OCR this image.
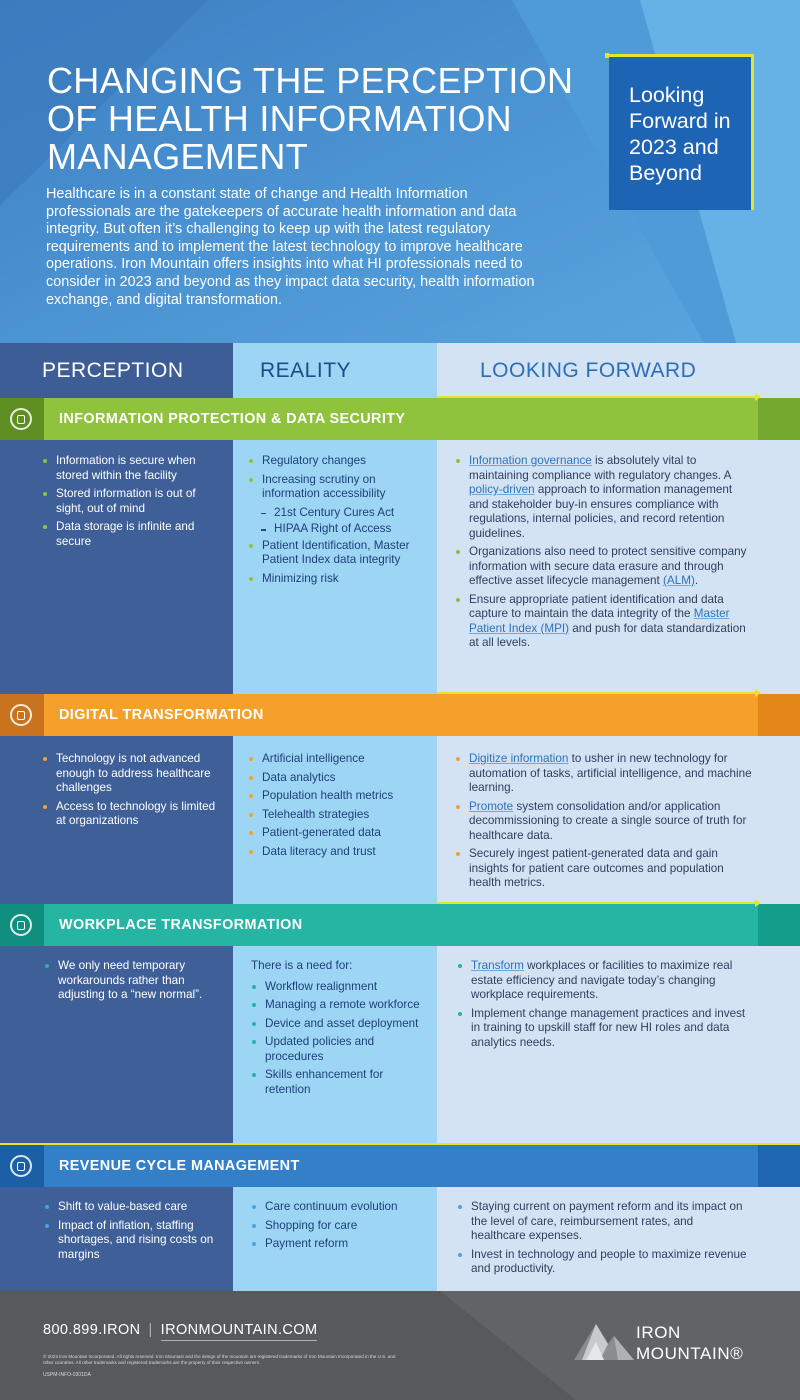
CHANGING THE PERCEPTION OF HEALTH INFORMATION MANAGEMENT

Healthcare is in a constant state of change and Health Information professionals are the gatekeepers of accurate health information and data integrity. But often it’s challenging to keep up with the latest regulatory requirements and to implement the latest technology to improve healthcare operations. Iron Mountain offers insights into what HI professionals need to consider in 2023 and beyond as they impact data security, health information exchange, and digital transformation.

Looking Forward in 2023 and Beyond
PERCEPTION	REALITY	LOOKING FORWARD
INFORMATION PROTECTION & DATA SECURITY
Information is secure when stored within the facility
Stored information is out of sight, out of mind
Data storage is infinite and secure
Regulatory changes
Increasing scrutiny on information accessibility
21st Century Cures Act
HIPAA Right of Access
Patient Identification, Master Patient Index data integrity
Minimizing risk
Information governance is absolutely vital to maintaining compliance with regulatory changes. A policy-driven approach to information management and stakeholder buy-in ensures compliance with regulations, internal policies, and record retention guidelines.
Organizations also need to protect sensitive company information with secure data erasure and through effective asset lifecycle management (ALM).
Ensure appropriate patient identification and data capture to maintain the data integrity of the Master Patient Index (MPI) and push for data standardization at all levels.
DIGITAL TRANSFORMATION
Technology is not advanced enough to address healthcare challenges
Access to technology is limited at organizations
Artificial intelligence
Data analytics
Population health metrics
Telehealth strategies
Patient-generated data
Data literacy and trust
Digitize information to usher in new technology for automation of tasks, artificial intelligence, and machine learning.
Promote system consolidation and/or application decommissioning to create a single source of truth for healthcare data.
Securely ingest patient-generated data and gain insights for patient care outcomes and population health metrics.
WORKPLACE TRANSFORMATION
We only need temporary workarounds rather than adjusting to a “new normal”.
There is a need for:
Workflow realignment
Managing a remote workforce
Device and asset deployment
Updated policies and procedures
Skills enhancement for retention
Transform workplaces or facilities to maximize real estate efficiency and navigate today’s changing workplace requirements.
Implement change management practices and invest in training to upskill staff for new HI roles and data analytics needs.
REVENUE CYCLE MANAGEMENT
Shift to value-based care
Impact of inflation, staffing shortages, and rising costs on margins
Care continuum evolution
Shopping for care
Payment reform
Staying current on payment reform and its impact on the level of care, reimbursement rates, and healthcare expenses.
Invest in technology and people to maximize revenue and productivity.
800.899.IRON | IRONMOUNTAIN.COM
© 2023 Iron Mountain Incorporated. All rights reserved. Iron Mountain and the design of the mountain are registered trademarks of Iron Mountain Incorporated in the U.S. and other countries. All other trademarks and registered trademarks are the property of their respective owners.
USPM-INFO-0301DA
IRON
MOUNTAIN®
